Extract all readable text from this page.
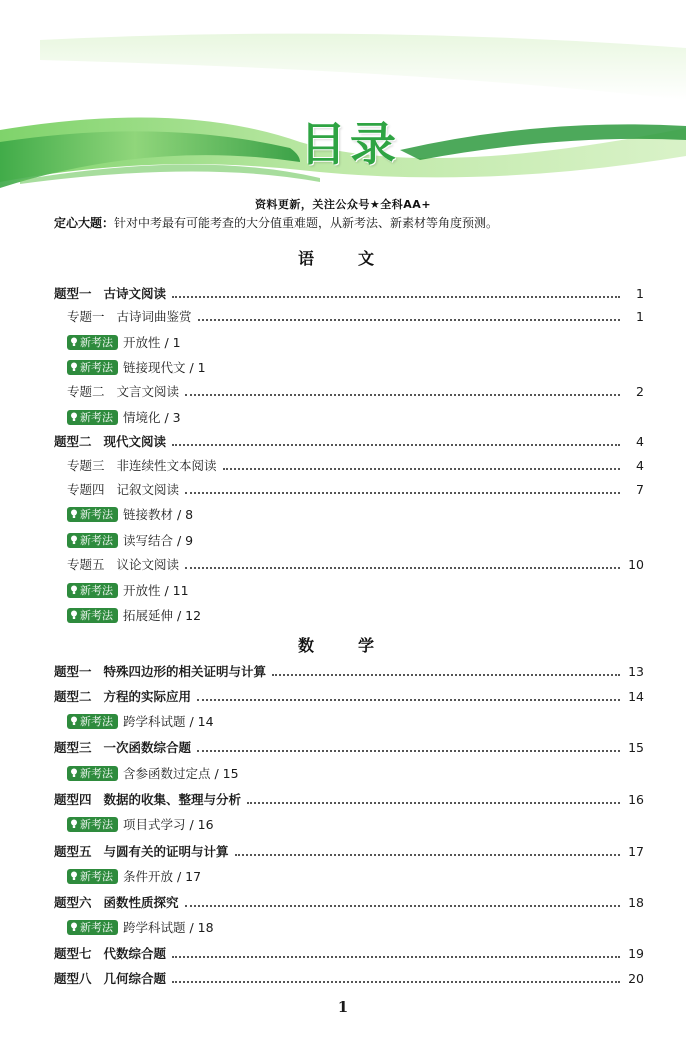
目录
资料更新，关注公众号★全科AA+
定心大题：针对中考最有可能考查的大分值重难题，从新考法、新素材等角度预测。
语　文
题型一 古诗文阅读	1
专题一 古诗词曲鉴赏	1
新考法 开放性 / 1
新考法 链接现代文 / 1
专题二 文言文阅读	2
新考法 情境化 / 3
题型二 现代文阅读	4
专题三 非连续性文本阅读	4
专题四 记叙文阅读	7
新考法 链接教材 / 8
新考法 读写结合 / 9
专题五 议论文阅读	10
新考法 开放性 / 11
新考法 拓展延伸 / 12
数　学
题型一 特殊四边形的相关证明与计算	13
题型二 方程的实际应用	14
新考法 跨学科试题 / 14
题型三 一次函数综合题	15
新考法 含参函数过定点 / 15
题型四 数据的收集、整理与分析	16
新考法 项目式学习 / 16
题型五 与圆有关的证明与计算	17
新考法 条件开放 / 17
题型六 函数性质探究	18
新考法 跨学科试题 / 18
题型七 代数综合题	19
题型八 几何综合题	20
1
